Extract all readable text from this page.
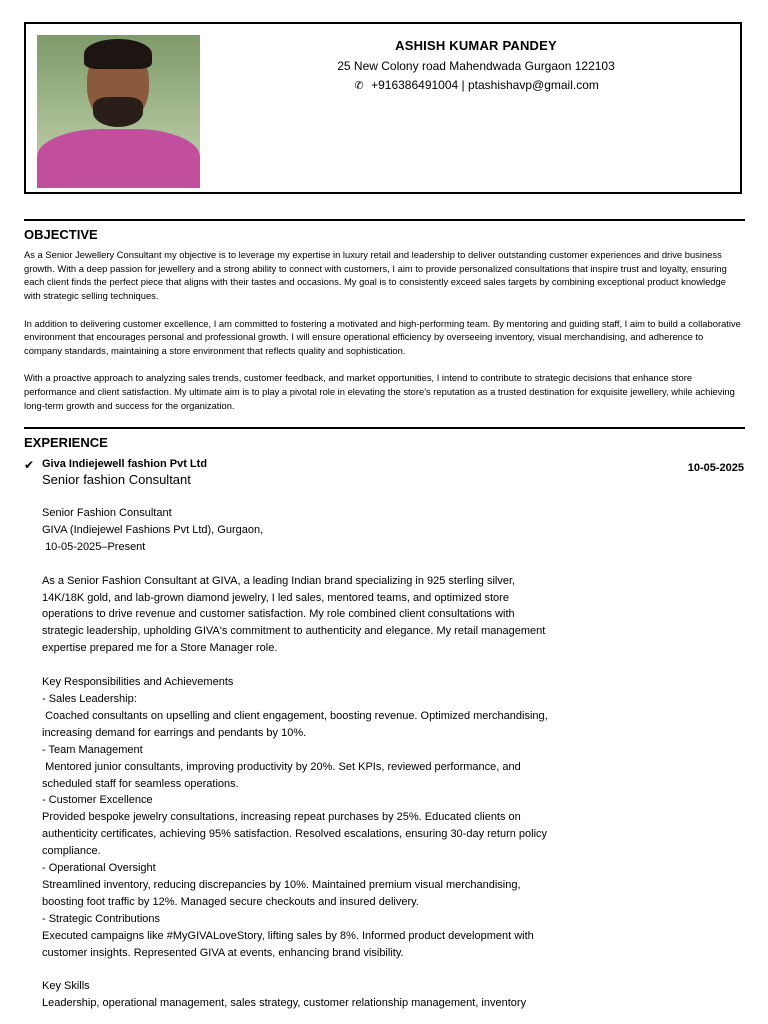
ASHISH KUMAR PANDEY
25 New Colony road Mahendwada Gurgaon 122103
✆ +916386491004 | ptashishavp@gmail.com
OBJECTIVE

As a Senior Jewellery Consultant my objective is to leverage my expertise in luxury retail and leadership to deliver outstanding customer experiences and drive business growth. With a deep passion for jewellery and a strong ability to connect with customers, I aim to provide personalized consultations that inspire trust and loyalty, ensuring each client finds the perfect piece that aligns with their tastes and occasions. My goal is to consistently exceed sales targets by combining exceptional product knowledge with strategic selling techniques.

In addition to delivering customer excellence, I am committed to fostering a motivated and high-performing team. By mentoring and guiding staff, I aim to build a collaborative environment that encourages personal and professional growth. I will ensure operational efficiency by overseeing inventory, visual merchandising, and adherence to company standards, maintaining a store environment that reflects quality and sophistication.

With a proactive approach to analyzing sales trends, customer feedback, and market opportunities, I intend to contribute to strategic decisions that enhance store performance and client satisfaction. My ultimate aim is to play a pivotal role in elevating the store's reputation as a trusted destination for exquisite jewellery, while achieving long-term growth and success for the organization.

EXPERIENCE
✔ Giva Indiejewell fashion Pvt Ltd	10-05-2025
Senior fashion Consultant
Senior Fashion Consultant
GIVA (Indiejewel Fashions Pvt Ltd), Gurgaon,
10-05-2025–Present

As a Senior Fashion Consultant at GIVA, a leading Indian brand specializing in 925 sterling silver,
14K/18K gold, and lab-grown diamond jewelry, I led sales, mentored teams, and optimized store
operations to drive revenue and customer satisfaction. My role combined client consultations with
strategic leadership, upholding GIVA's commitment to authenticity and elegance. My retail management
expertise prepared me for a Store Manager role.

Key Responsibilities and Achievements
- Sales Leadership:
Coached consultants on upselling and client engagement, boosting revenue. Optimized merchandising,
increasing demand for earrings and pendants by 10%.
- Team Management
Mentored junior consultants, improving productivity by 20%. Set KPIs, reviewed performance, and
scheduled staff for seamless operations.
- Customer Excellence
Provided bespoke jewelry consultations, increasing repeat purchases by 25%. Educated clients on
authenticity certificates, achieving 95% satisfaction. Resolved escalations, ensuring 30-day return policy
compliance.
- Operational Oversight
Streamlined inventory, reducing discrepancies by 10%. Maintained premium visual merchandising,
boosting foot traffic by 12%. Managed secure checkouts and insured delivery.
- Strategic Contributions
Executed campaigns like #MyGIVALoveStory, lifting sales by 8%. Informed product development with
customer insights. Represented GIVA at events, enhancing brand visibility.

Key Skills
Leadership, operational management, sales strategy, customer relationship management, inventory
